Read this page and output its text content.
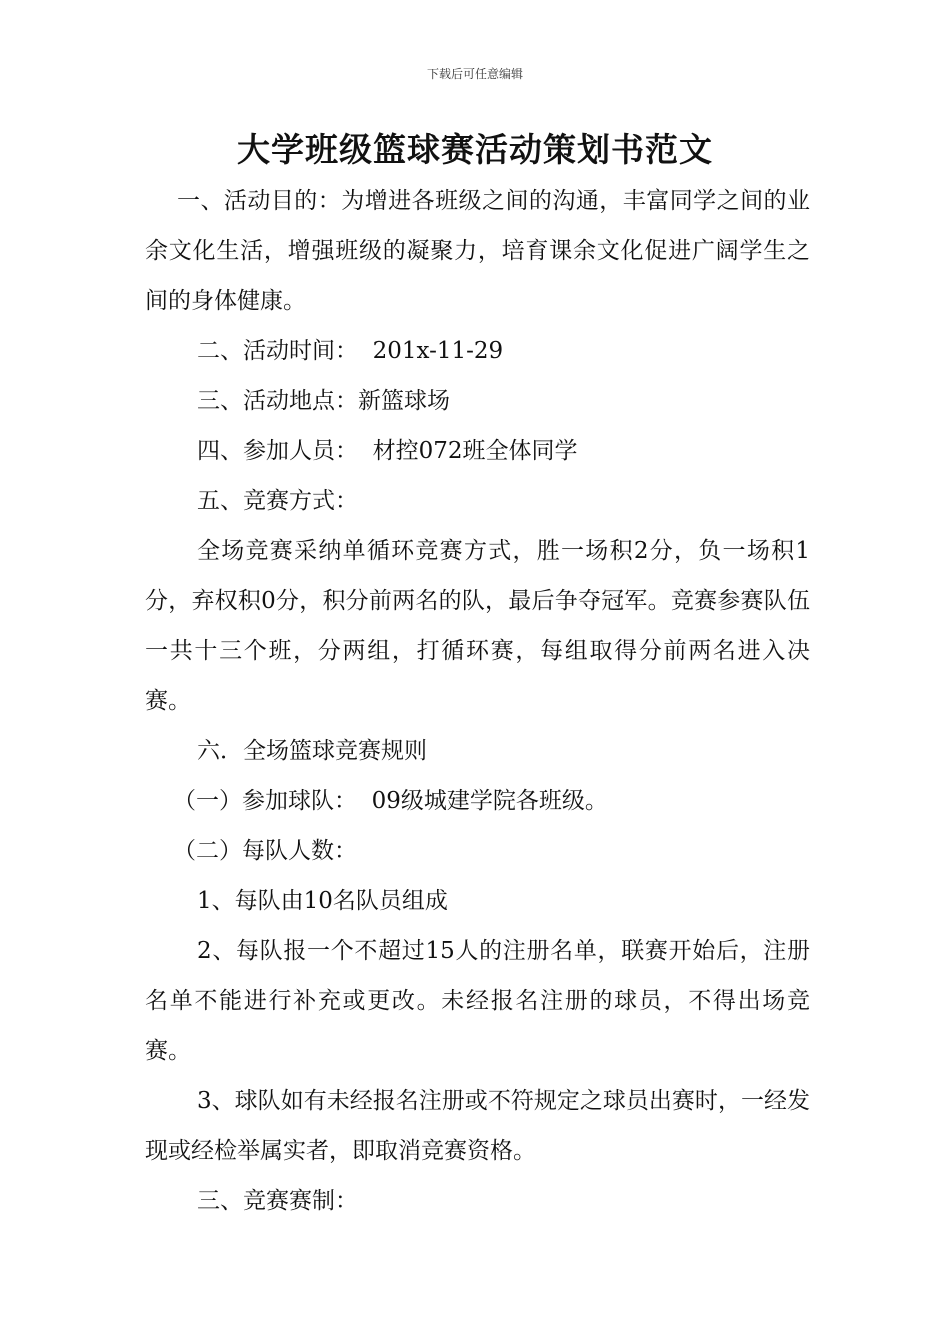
下载后可任意编辑
大学班级篮球赛活动策划书范文

一、活动目的：为增进各班级之间的沟通，丰富同学之间的业余文化生活，增强班级的凝聚力，培育课余文化促进广阔学生之间的身体健康。

二、活动时间：  201x-11-29

三、活动地点：新篮球场

四、参加人员：  材控072班全体同学

五、竞赛方式：

全场竞赛采纳单循环竞赛方式，胜一场积2分，负一场积1分，弃权积0分，积分前两名的队，最后争夺冠军。竞赛参赛队伍一共十三个班，分两组，打循环赛，每组取得分前两名进入决赛。

六．全场篮球竞赛规则

（一）参加球队：  09级城建学院各班级。

（二）每队人数：

1、每队由10名队员组成

2、每队报一个不超过15人的注册名单，联赛开始后，注册名单不能进行补充或更改。未经报名注册的球员，不得出场竞赛。

3、球队如有未经报名注册或不符规定之球员出赛时，一经发现或经检举属实者，即取消竞赛资格。

三、竞赛赛制：
